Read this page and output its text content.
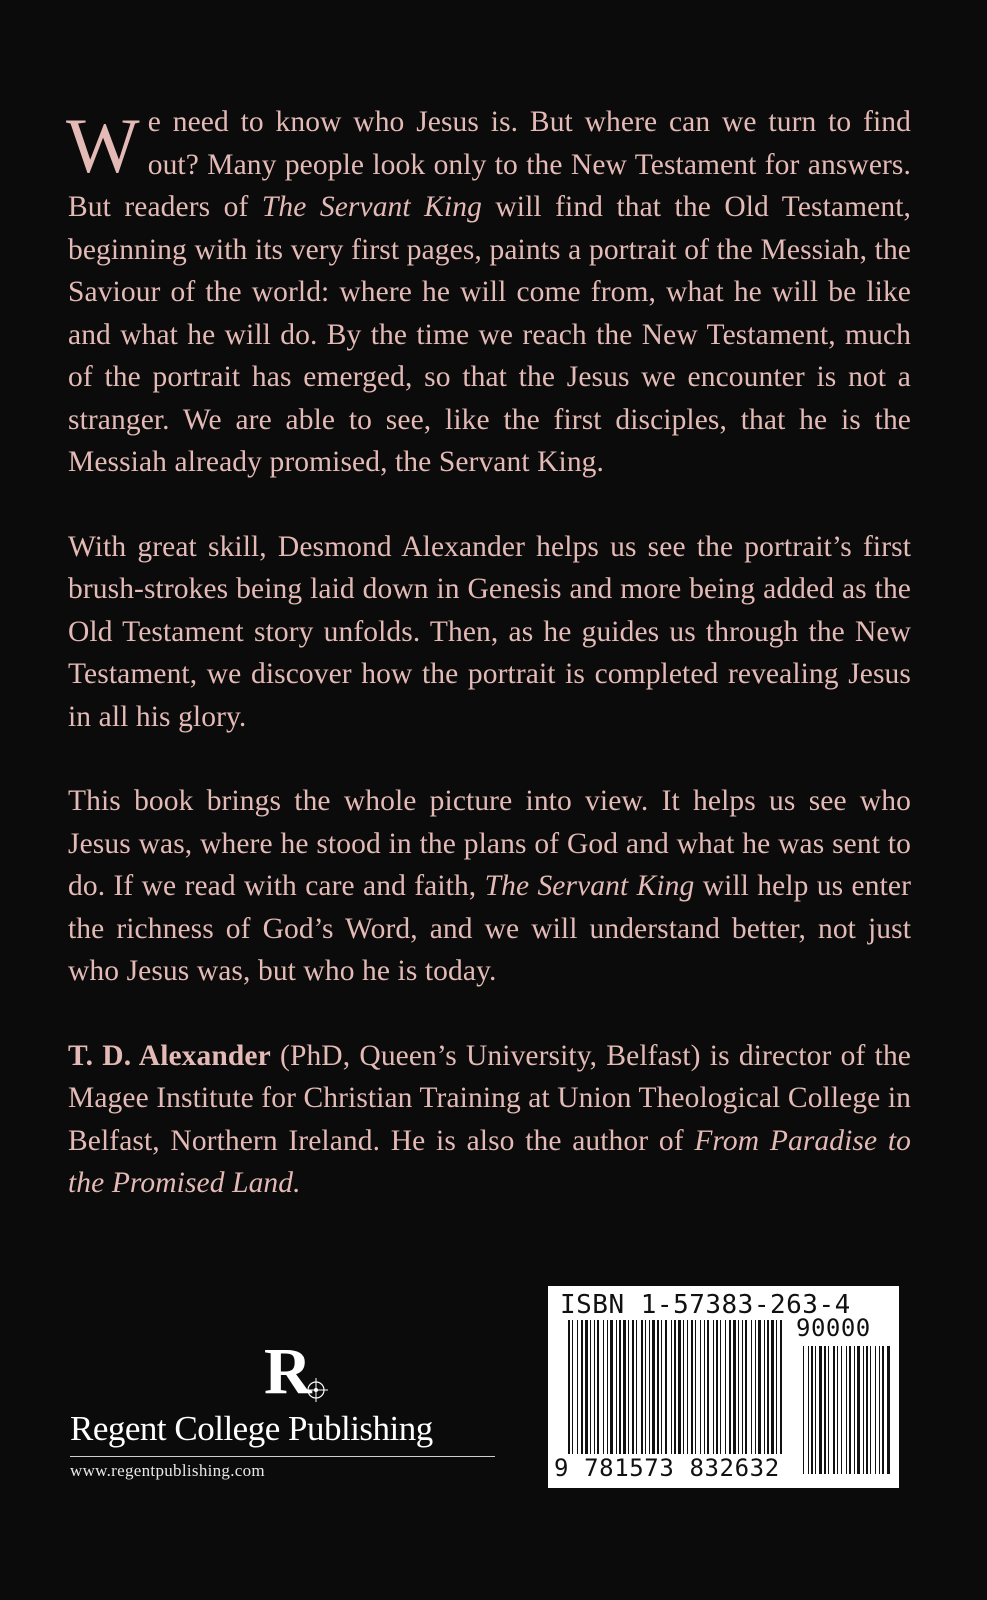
We need to know who Jesus is. But where can we turn to find out? Many people look only to the New Testament for answers. But readers of The Servant King will find that the Old Testament, beginning with its very first pages, paints a portrait of the Messiah, the Saviour of the world: where he will come from, what he will be like and what he will do. By the time we reach the New Testament, much of the portrait has emerged, so that the Jesus we encounter is not a stranger. We are able to see, like the first disciples, that he is the Messiah already promised, the Servant King.

With great skill, Desmond Alexander helps us see the portrait’s first brush-strokes being laid down in Genesis and more being added as the Old Testament story unfolds. Then, as he guides us through the New Testament, we discover how the portrait is completed revealing Jesus in all his glory.

This book brings the whole picture into view. It helps us see who Jesus was, where he stood in the plans of God and what he was sent to do. If we read with care and faith, The Servant King will help us enter the richness of God’s Word, and we will understand better, not just who Jesus was, but who he is today.

T. D. Alexander (PhD, Queen’s University, Belfast) is director of the Magee Institute for Christian Training at Union Theological College in Belfast, Northern Ireland. He is also the author of From Paradise to the Promised Land.

R
Regent College Publishing
www.regentpublishing.com
ISBN 1-57383-263-4
90000
9 781573 832632
